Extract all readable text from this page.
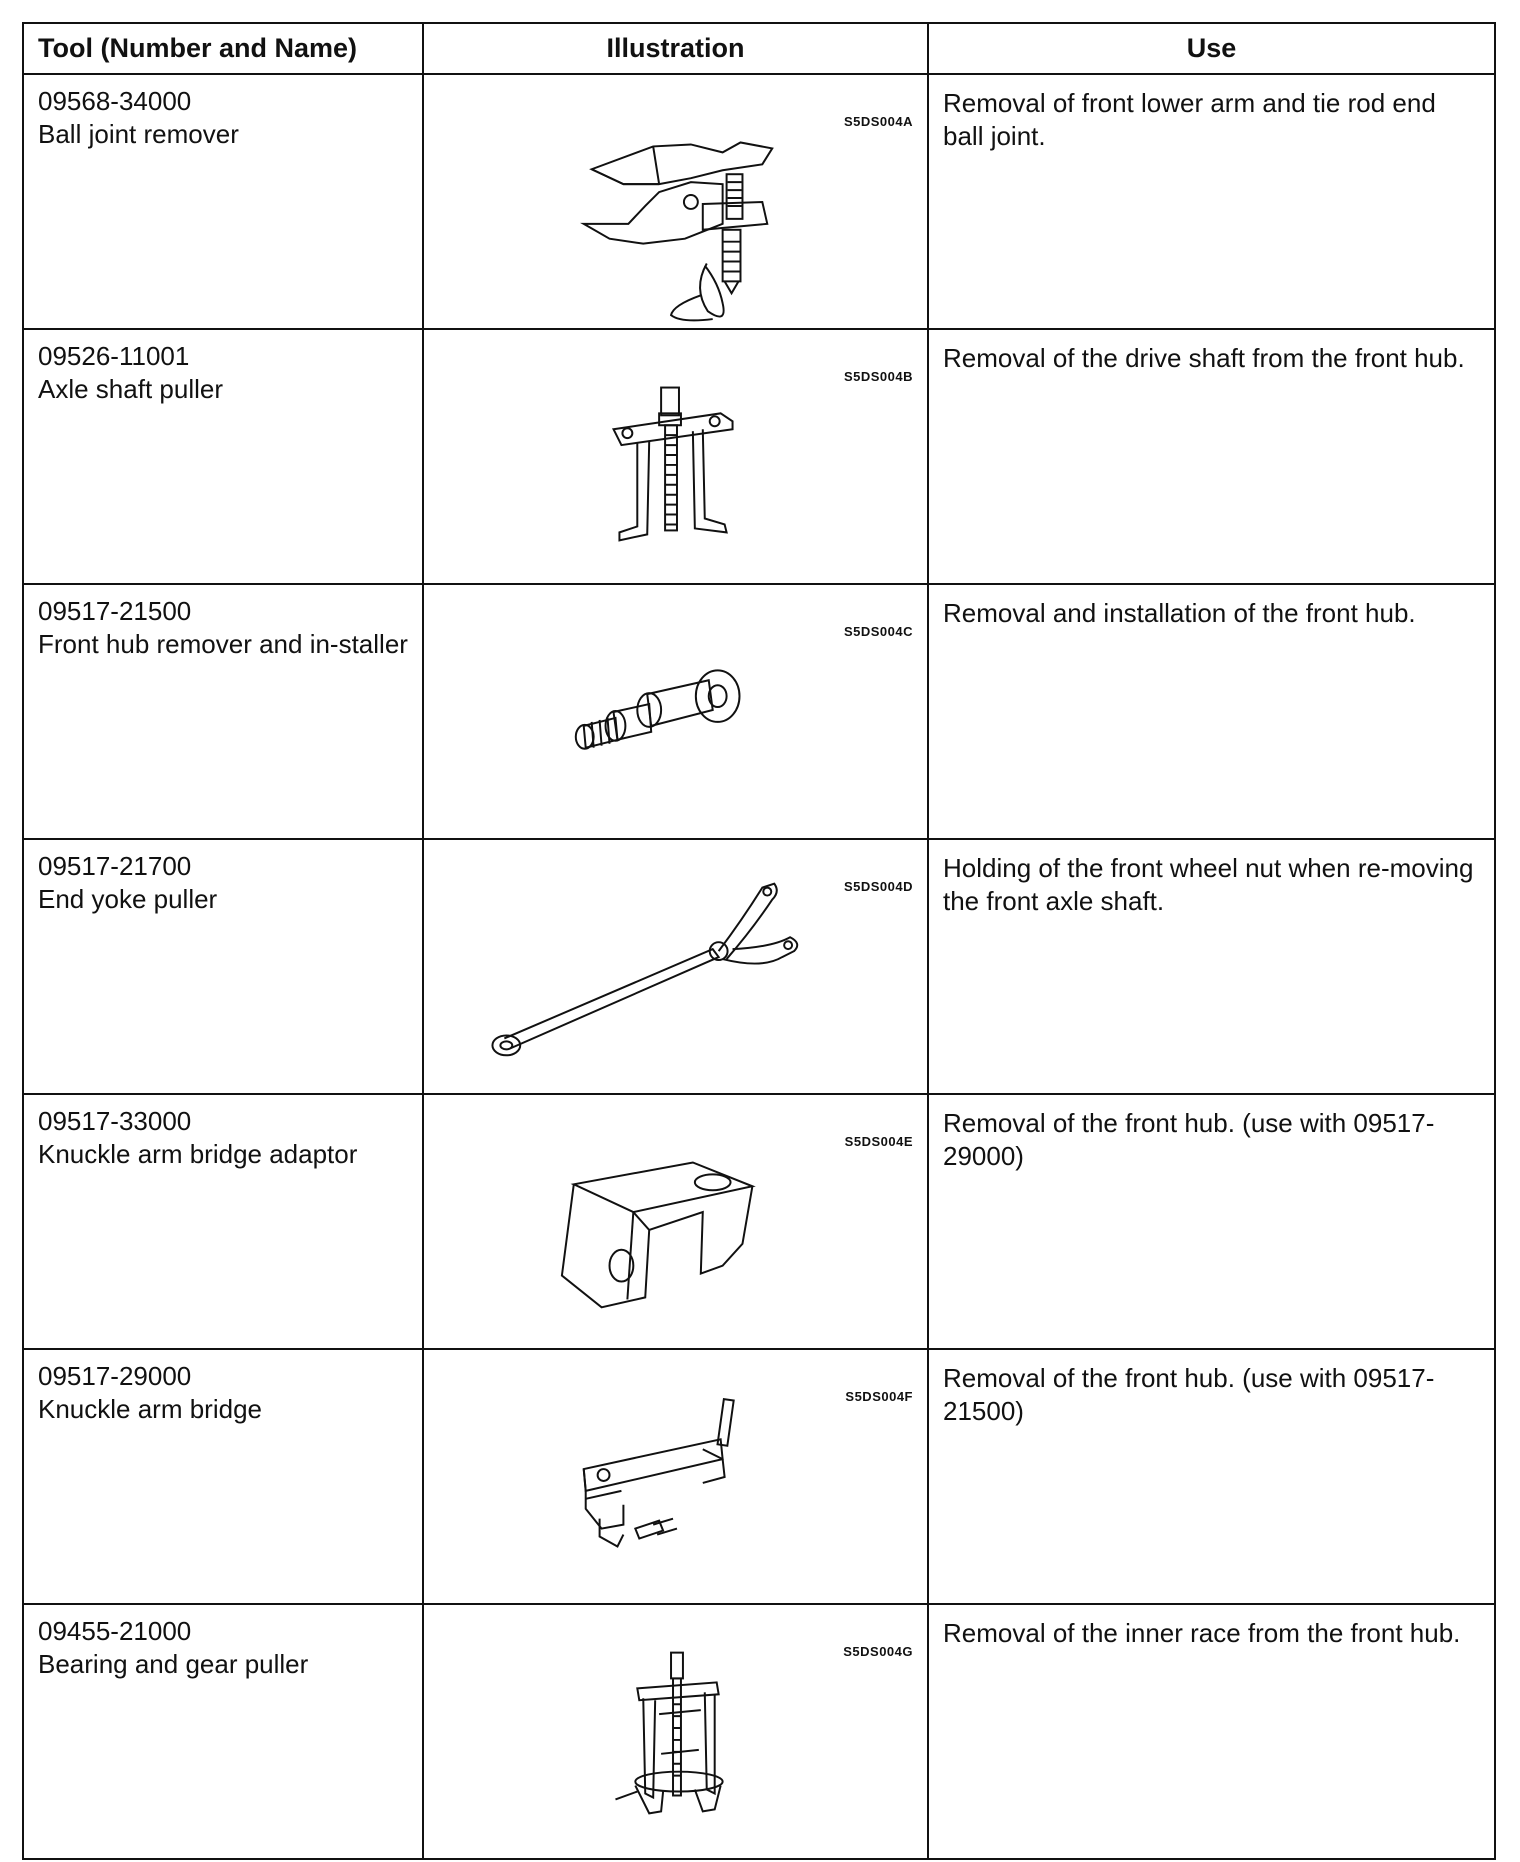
Tool (Number and Name)	Illustration	Use

09568-34000
Ball joint remover	S5DS004A	Removal of front lower arm and tie rod end ball joint.

09526-11001
Axle shaft puller	S5DS004B	Removal of the drive shaft from the front hub.

09517-21500
Front hub remover and in-staller	S5DS004C	Removal and installation of the front hub.

09517-21700
End yoke puller	S5DS004D	Holding of the front wheel nut when re-moving the front axle shaft.

09517-33000
Knuckle arm bridge adaptor	S5DS004E	Removal of the front hub. (use with 09517-29000)

09517-29000
Knuckle arm bridge	S5DS004F	Removal of the front hub. (use with 09517-21500)

09455-21000
Bearing and gear puller	S5DS004G	Removal of the inner race from the front hub.
